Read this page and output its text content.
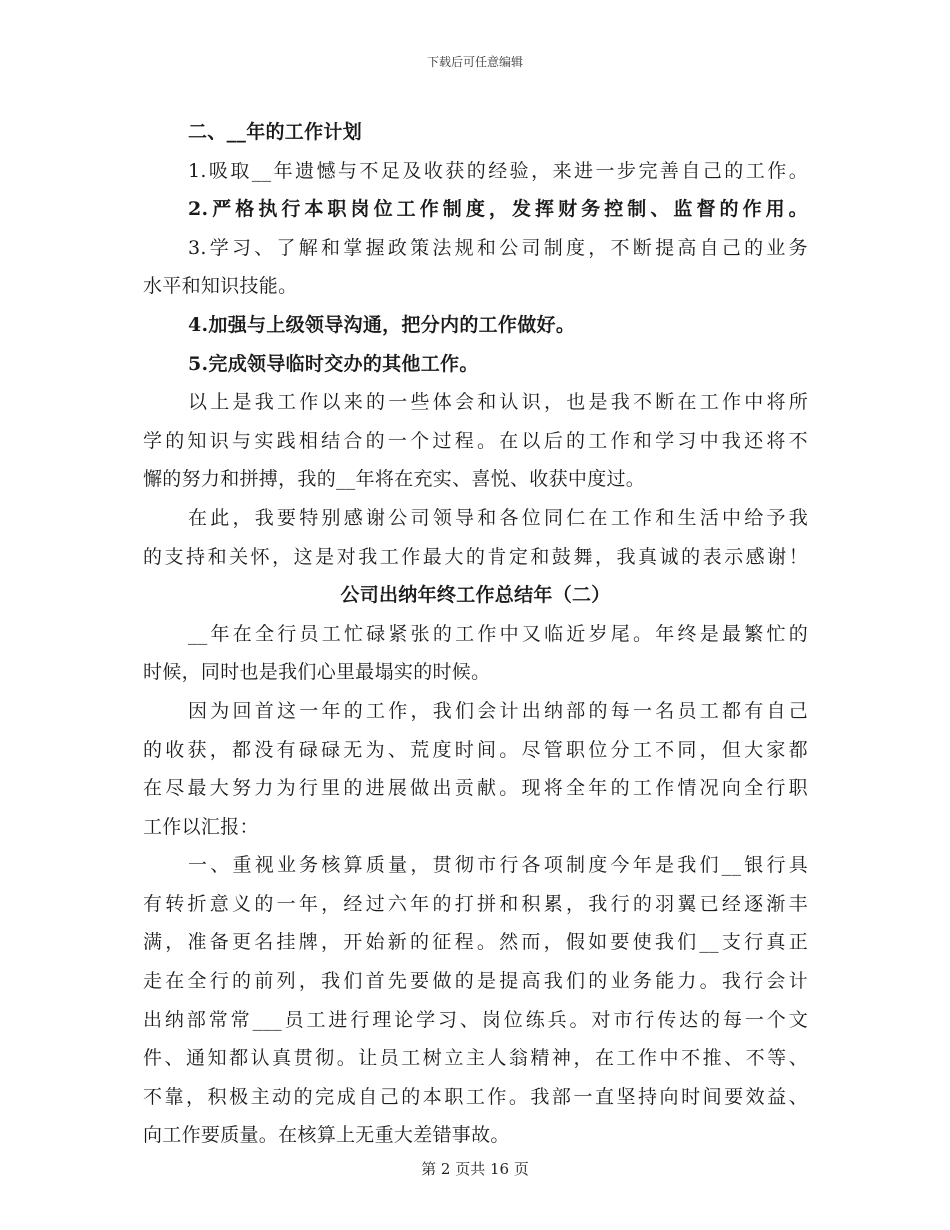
下载后可任意编辑
二、__年的工作计划
1.吸取__年遗憾与不足及收获的经验，来进一步完善自己的工作。
2.严格执行本职岗位工作制度，发挥财务控制、监督的作用。
3.学习、了解和掌握政策法规和公司制度，不断提高自己的业务
水平和知识技能。
4.加强与上级领导沟通，把分内的工作做好。
5.完成领导临时交办的其他工作。
以上是我工作以来的一些体会和认识，也是我不断在工作中将所
学的知识与实践相结合的一个过程。在以后的工作和学习中我还将不
懈的努力和拼搏，我的__年将在充实、喜悦、收获中度过。
在此，我要特别感谢公司领导和各位同仁在工作和生活中给予我
的支持和关怀，这是对我工作最大的肯定和鼓舞，我真诚的表示感谢！
公司出纳年终工作总结年（二）
__年在全行员工忙碌紧张的工作中又临近岁尾。年终是最繁忙的
时候，同时也是我们心里最塌实的时候。
因为回首这一年的工作，我们会计出纳部的每一名员工都有自己
的收获，都没有碌碌无为、荒度时间。尽管职位分工不同，但大家都
在尽最大努力为行里的进展做出贡献。现将全年的工作情况向全行职
工作以汇报：
一、重视业务核算质量，贯彻市行各项制度今年是我们__银行具
有转折意义的一年，经过六年的打拼和积累，我行的羽翼已经逐渐丰
满，准备更名挂牌，开始新的征程。然而，假如要使我们__支行真正
走在全行的前列，我们首先要做的是提高我们的业务能力。我行会计
出纳部常常___员工进行理论学习、岗位练兵。对市行传达的每一个文
件、通知都认真贯彻。让员工树立主人翁精神，在工作中不推、不等、
不靠，积极主动的完成自己的本职工作。我部一直坚持向时间要效益、
向工作要质量。在核算上无重大差错事故。
第 2 页共 16 页
